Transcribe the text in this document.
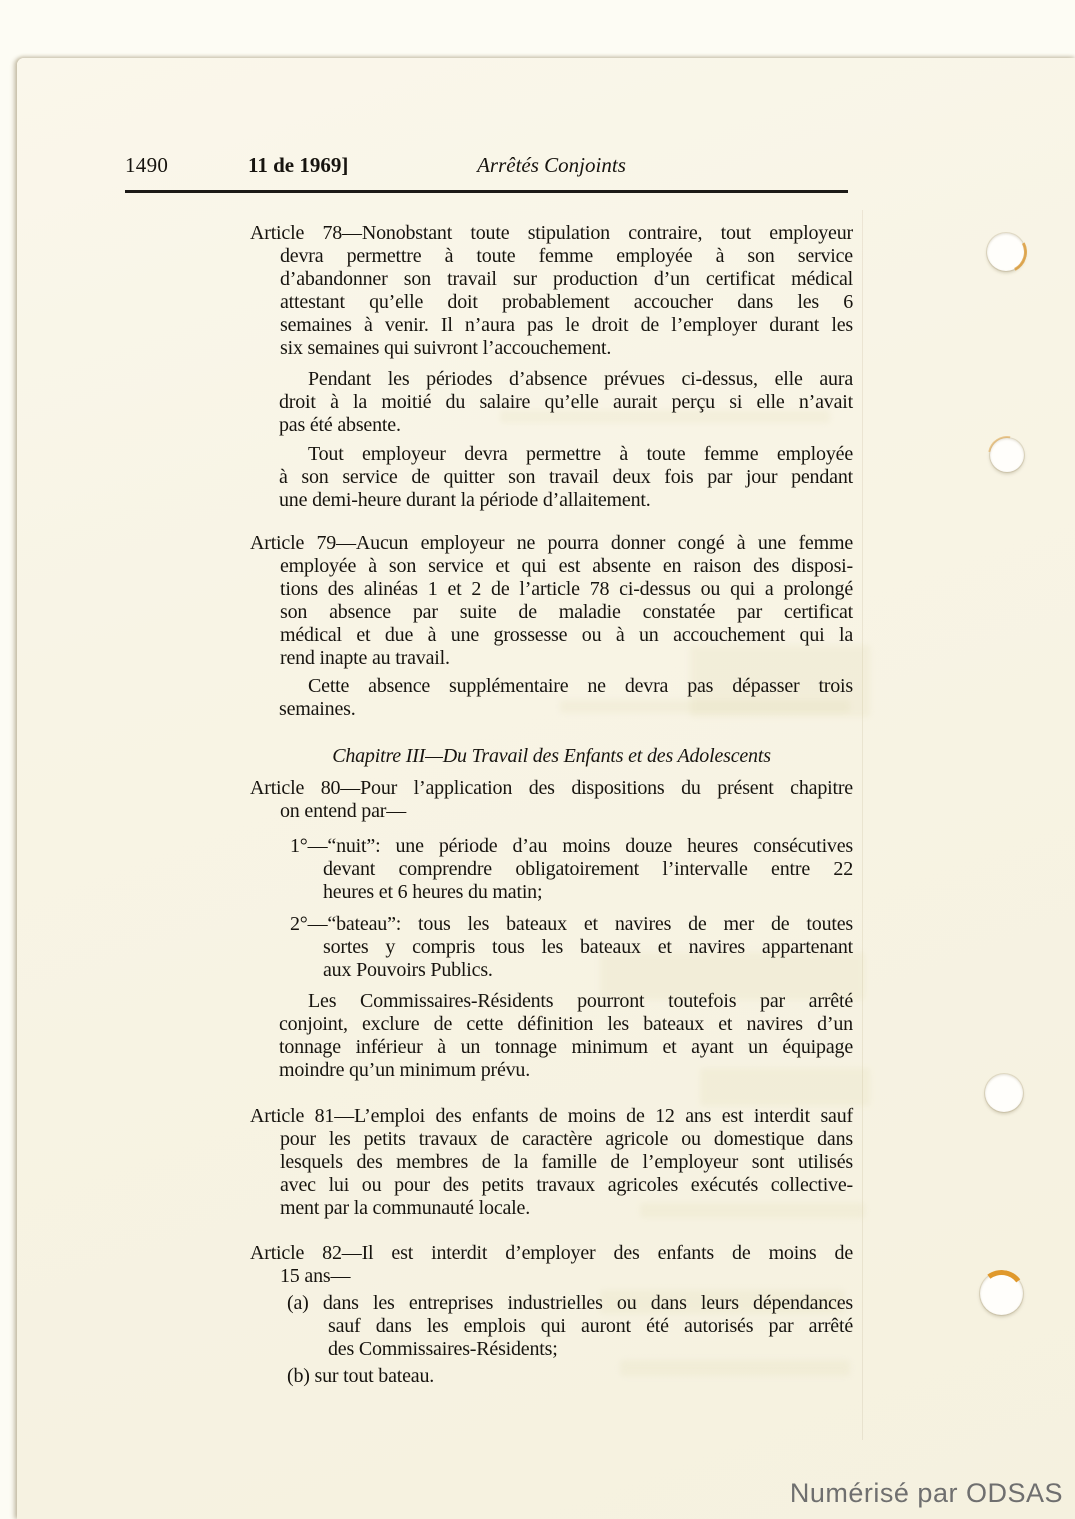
1490	11 de 1969]	Arrêtés Conjoints
Article 78—Nonobstant toute stipulation contraire, tout employeur
devra permettre à toute femme employée à son service
d’abandonner son travail sur production d’un certificat médical
attestant qu’elle doit probablement accoucher dans les 6
semaines à venir. Il n’aura pas le droit de l’employer durant les
six semaines qui suivront l’accouchement.
Pendant les périodes d’absence prévues ci-dessus, elle aura
droit à la moitié du salaire qu’elle aurait perçu si elle n’avait
pas été absente.
Tout employeur devra permettre à toute femme employée
à son service de quitter son travail deux fois par jour pendant
une demi-heure durant la période d’allaitement.
Article 79—Aucun employeur ne pourra donner congé à une femme
employée à son service et qui est absente en raison des disposi-
tions des alinéas 1 et 2 de l’article 78 ci-dessus ou qui a prolongé
son absence par suite de maladie constatée par certificat
médical et due à une grossesse ou à un accouchement qui la
rend inapte au travail.
Cette absence supplémentaire ne devra pas dépasser trois
semaines.
Chapitre III—Du Travail des Enfants et des Adolescents
Article 80—Pour l’application des dispositions du présent chapitre
on entend par—
1°—“nuit”: une période d’au moins douze heures consécutives
devant comprendre obligatoirement l’intervalle entre 22
heures et 6 heures du matin;
2°—“bateau”: tous les bateaux et navires de mer de toutes
sortes y compris tous les bateaux et navires appartenant
aux Pouvoirs Publics.
Les Commissaires-Résidents pourront toutefois par arrêté
conjoint, exclure de cette définition les bateaux et navires d’un
tonnage inférieur à un tonnage minimum et ayant un équipage
moindre qu’un minimum prévu.
Article 81—L’emploi des enfants de moins de 12 ans est interdit sauf
pour les petits travaux de caractère agricole ou domestique dans
lesquels des membres de la famille de l’employeur sont utilisés
avec lui ou pour des petits travaux agricoles exécutés collective-
ment par la communauté locale.
Article 82—Il est interdit d’employer des enfants de moins de
15 ans—
(a) dans les entreprises industrielles ou dans leurs dépendances
sauf dans les emplois qui auront été autorisés par arrêté
des Commissaires-Résidents;
(b) sur tout bateau.
Numérisé par ODSAS
